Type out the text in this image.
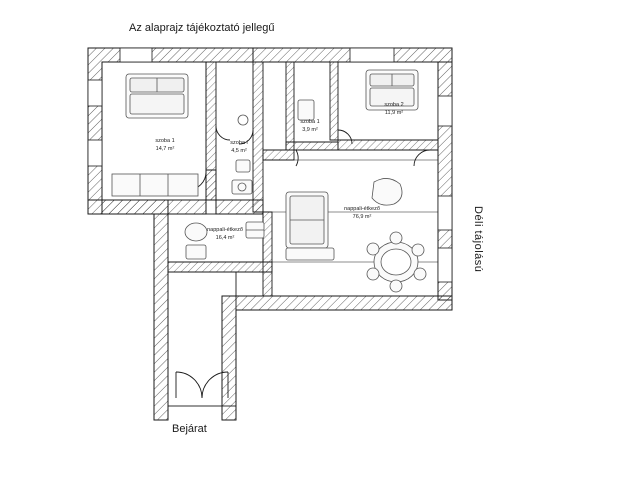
Az alaprajz tájékoztató jellegű
Bejárat
Déli tájolású
szoba 1
14,7 m²
szoba i
4,5 m²
szoba 1
3,9 m²
szoba 2
11,9 m²
nappali-étkező
76,9 m²
nappali-étkező
16,4 m²
